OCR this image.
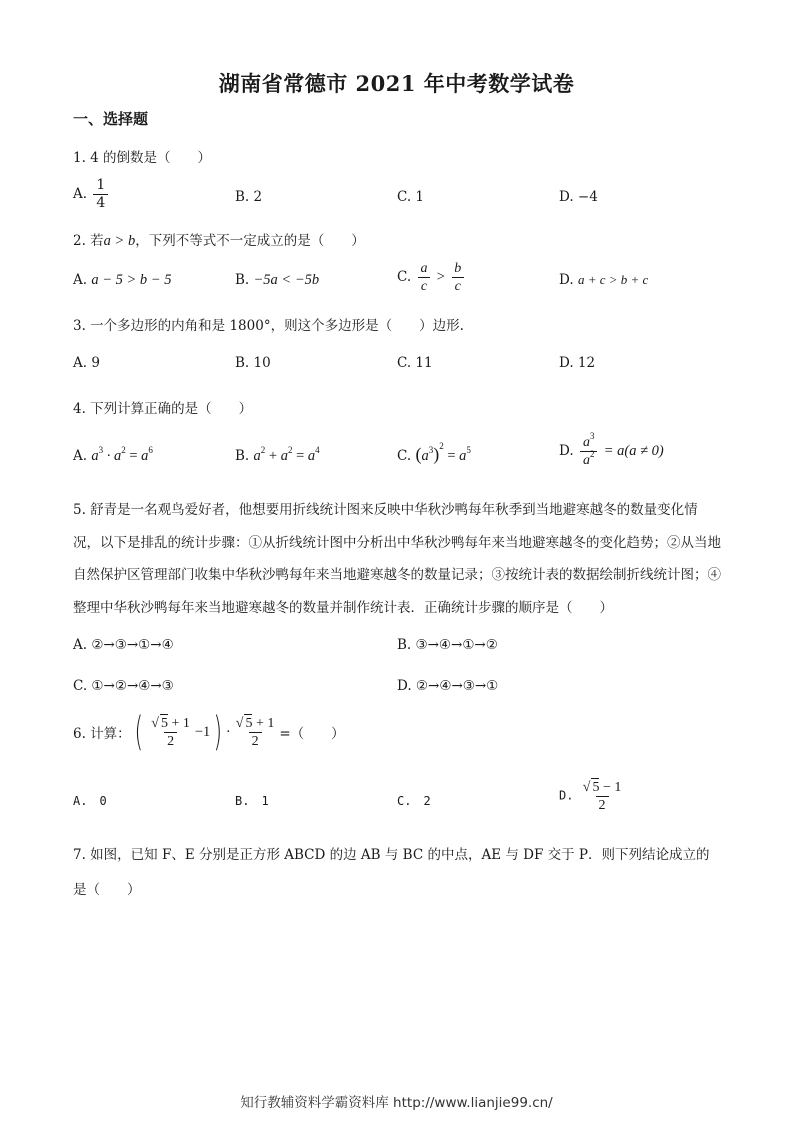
湖南省常德市 2021 年中考数学试卷
一、选择题
1. 4 的倒数是（　　）
A. $\frac{1}{4}$	B. 2	C. 1	D. −4
2. 若a > b，下列不等式不一定成立的是（　　）
A. a − 5 > b − 5	B. −5a < −5b	C. $\frac{a}{c} > \frac{b}{c}$	D. a + c > b + c
3. 一个多边形的内角和是 1800°，则这个多边形是（　　）边形.
A. 9	B. 10	C. 11	D. 12
4. 下列计算正确的是（　　）
A. $a^3 \cdot a^2 = a^6$	B. $a^2 + a^2 = a^4$	C. $(a^3)^2 = a^5$	D. $\frac{a^3}{a^2} = a(a \ne 0)$
5. 舒青是一名观鸟爱好者，他想要用折线统计图来反映中华秋沙鸭每年秋季到当地避寒越冬的数量变化情况，以下是排乱的统计步骤：①从折线统计图中分析出中华秋沙鸭每年来当地避寒越冬的变化趋势；②从当地自然保护区管理部门收集中华秋沙鸭每年来当地避寒越冬的数量记录；③按统计表的数据绘制折线统计图；④整理中华秋沙鸭每年来当地避寒越冬的数量并制作统计表．正确统计步骤的顺序是（　　）
A. ②→③→①→④	B. ③→④→①→②
C. ①→②→④→③	D. ②→④→③→①
6. 计算： ( $\frac{√ 5 + 1}{2} -1$ ) · $\frac{√ 5 + 1}{2}$ =（　　）
A.　0	B.　1	C.　2	D. $\frac{√ 5 - 1}{2}$
7. 如图，已知 F、E 分别是正方形 ABCD 的边 AB 与 BC 的中点，AE 与 DF 交于 P．则下列结论成立的
是（　　）
知行教辅资料学霸资料库 http://www.lianjie99.cn/
